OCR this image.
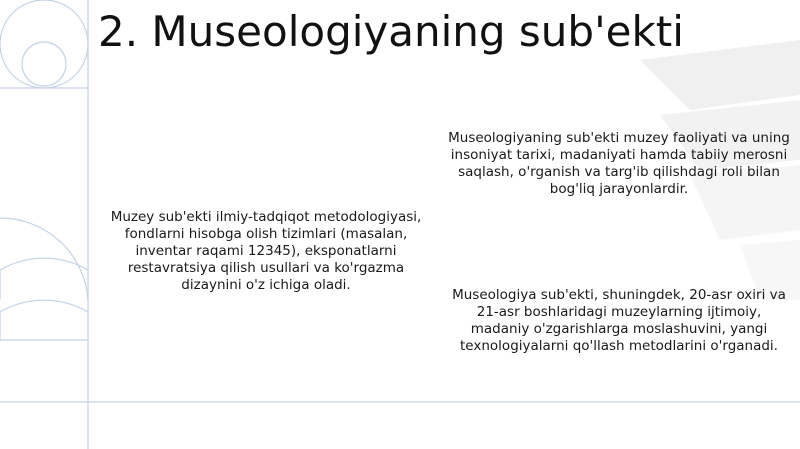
2. Museologiyaning sub'ekti

Muzey sub'ekti ilmiy-tadqiqot metodologiyasi, fondlarni hisobga olish tizimlari (masalan, inventar raqami 12345), eksponatlarni restavratsiya qilish usullari va ko'rgazma dizaynini o'z ichiga oladi.

Museologiyaning sub'ekti muzey faoliyati va uning insoniyat tarixi, madaniyati hamda tabiiy merosni saqlash, o'rganish va targ'ib qilishdagi roli bilan bog'liq jarayonlardir.

Museologiya sub'ekti, shuningdek, 20-asr oxiri va 21-asr boshlaridagi muzeylarning ijtimoiy, madaniy o'zgarishlarga moslashuvini, yangi texnologiyalarni qo'llash metodlarini o'rganadi.
